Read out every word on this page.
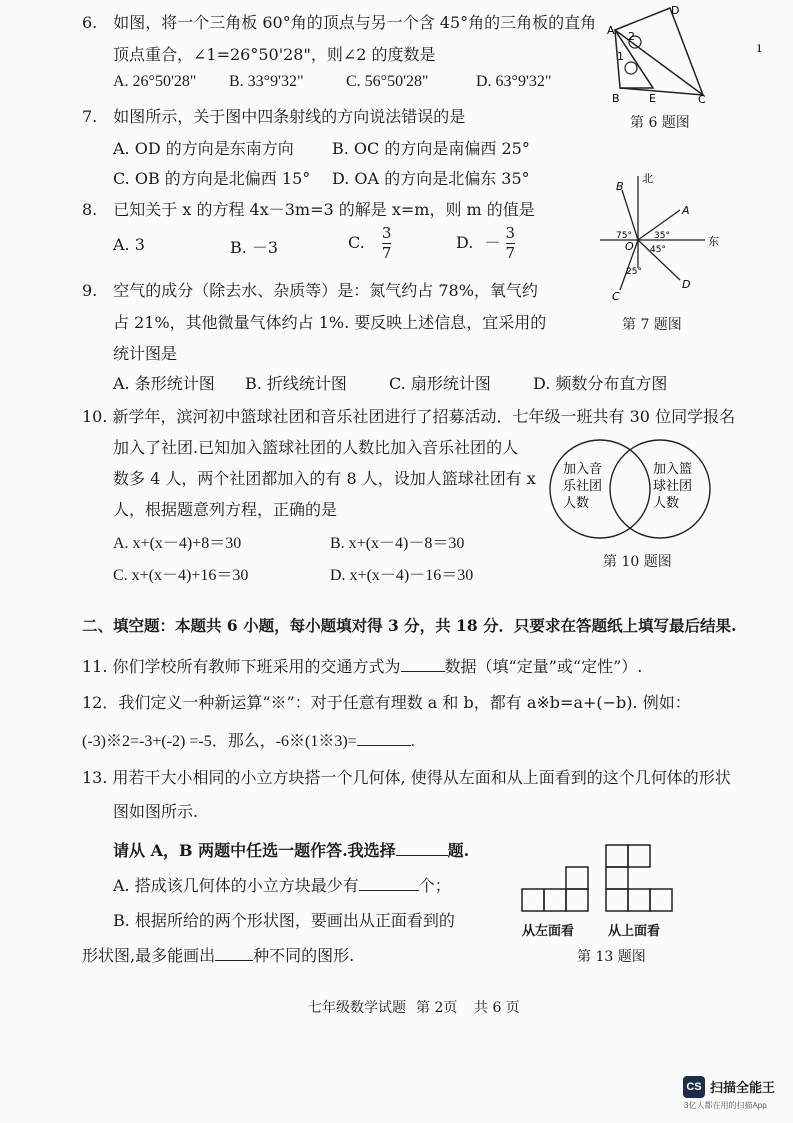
6.　如图，将一个三角板 60°角的顶点与另一个含 45°角的三角板的直角
顶点重合，∠1=26°50'28"，则∠2 的度数是
A. 26°50'28" B. 33°9'32"	C. 56°50'28"	D. 63°9'32"
A
D
B	E	C
1
2
第 6 题图
ı
7.　如图所示，关于图中四条射线的方向说法错误的是
A. OD 的方向是东南方向 B. OC 的方向是南偏西 25°
C. OB 的方向是北偏西 15° D. OA 的方向是北偏东 35°	北
东
O
A
B
C
D
75° 35°
45°
25°
第 7 题图
8.　已知关于 x 的方程 4x－3m=3 的解是 x=m，则 m 的值是
A. 3	B. －3	C. $\frac{3}{7}$	D. － $\frac{3}{7}$
9.　空气的成分（除去水、杂质等）是：氮气约占 78%，氧气约
占 21%，其他微量气体约占 1%. 要反映上述信息，宜采用的
统计图是
A. 条形统计图 B. 折线统计图	C. 扇形统计图	D. 频数分布直方图
10. 新学年，滨河初中篮球社团和音乐社团进行了招募活动．七年级一班共有 30 位同学报名
加入了社团.已知加入篮球社团的人数比加入音乐社团的人
数多 4 人，两个社团都加入的有 8 人，设加人篮球社团有 x
人，根据题意列方程，正确的是
A. x+(x－4)+8＝30	B. x+(x－4)－8＝30
C. x+(x－4)+16＝30	D. x+(x－4)－16＝30
加入音
乐社团
人数
加入篮
球社团
人数
第 10 题图
二、填空题：本题共 6 小题，每小题填对得 3 分，共 18 分．只要求在答题纸上填写最后结果.
11. 你们学校所有教师下班采用的交通方式为	数据（填“定量”或“定性”）.
12．我们定义一种新运算“※”：对于任意有理数 a 和 b，都有 a※b=a+(−b). 例如：
(-3)※2=-3+(-2) =-5．那么，-6※(1※3)=	.
13. 用若干大小相同的小立方块搭一个几何体, 使得从左面和从上面看到的这个几何体的形状
图如图所示.
请从 A，B 两题中任选一题作答.我选择	题.
A. 搭成该几何体的小立方块最少有	个；
B. 根据所给的两个形状图，要画出从正面看到的
形状图,最多能画出 种不同的图形.
从左面看	从上面看
第 13 题图
七年级数学试题 第 2页 共 6 页
CS 扫描全能王
3亿人都在用的扫描App
